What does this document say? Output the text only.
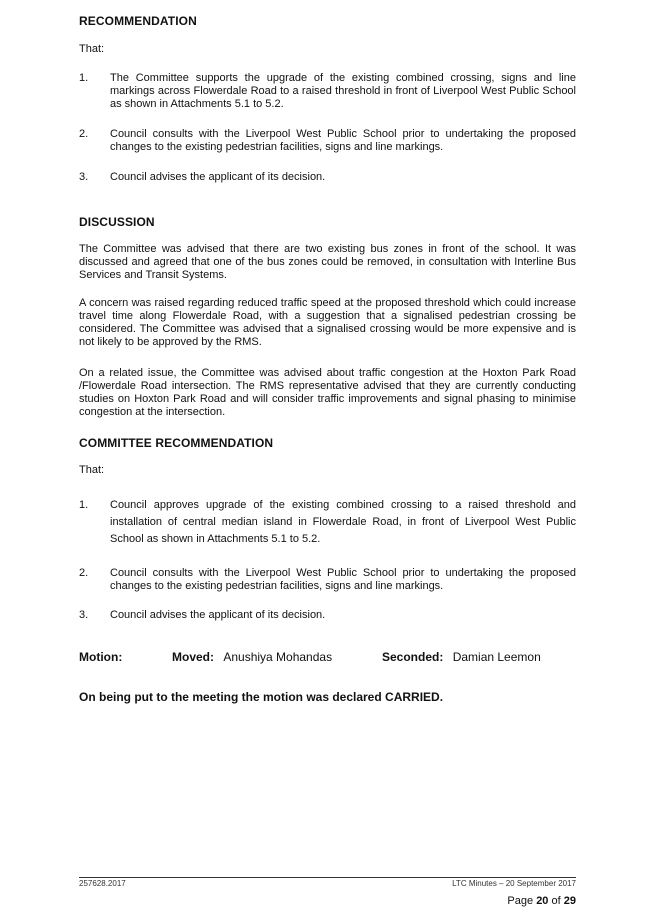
RECOMMENDATION
That:
1. The Committee supports the upgrade of the existing combined crossing, signs and line markings across Flowerdale Road to a raised threshold in front of Liverpool West Public School as shown in Attachments 5.1 to 5.2.

2. Council consults with the Liverpool West Public School prior to undertaking the proposed changes to the existing pedestrian facilities, signs and line markings.

3. Council advises the applicant of its decision.

DISCUSSION

The Committee was advised that there are two existing bus zones in front of the school. It was discussed and agreed that one of the bus zones could be removed, in consultation with Interline Bus Services and Transit Systems.

A concern was raised regarding reduced traffic speed at the proposed threshold which could increase travel time along Flowerdale Road, with a suggestion that a signalised pedestrian crossing be considered. The Committee was advised that a signalised crossing would be more expensive and is not likely to be approved by the RMS.

On a related issue, the Committee was advised about traffic congestion at the Hoxton Park Road /Flowerdale Road intersection. The RMS representative advised that they are currently conducting studies on Hoxton Park Road and will consider traffic improvements and signal phasing to minimise congestion at the intersection.

COMMITTEE RECOMMENDATION
That:
1. Council approves upgrade of the existing combined crossing to a raised threshold and installation of central median island in Flowerdale Road, in front of Liverpool West Public School as shown in Attachments 5.1 to 5.2.

2. Council consults with the Liverpool West Public School prior to undertaking the proposed changes to the existing pedestrian facilities, signs and line markings.

3. Council advises the applicant of its decision.

Motion:	Moved: Anushiya Mohandas	Seconded: Damian Leemon
On being put to the meeting the motion was declared CARRIED.
257628.2017	LTC Minutes – 20 September 2017
Page 20 of 29
